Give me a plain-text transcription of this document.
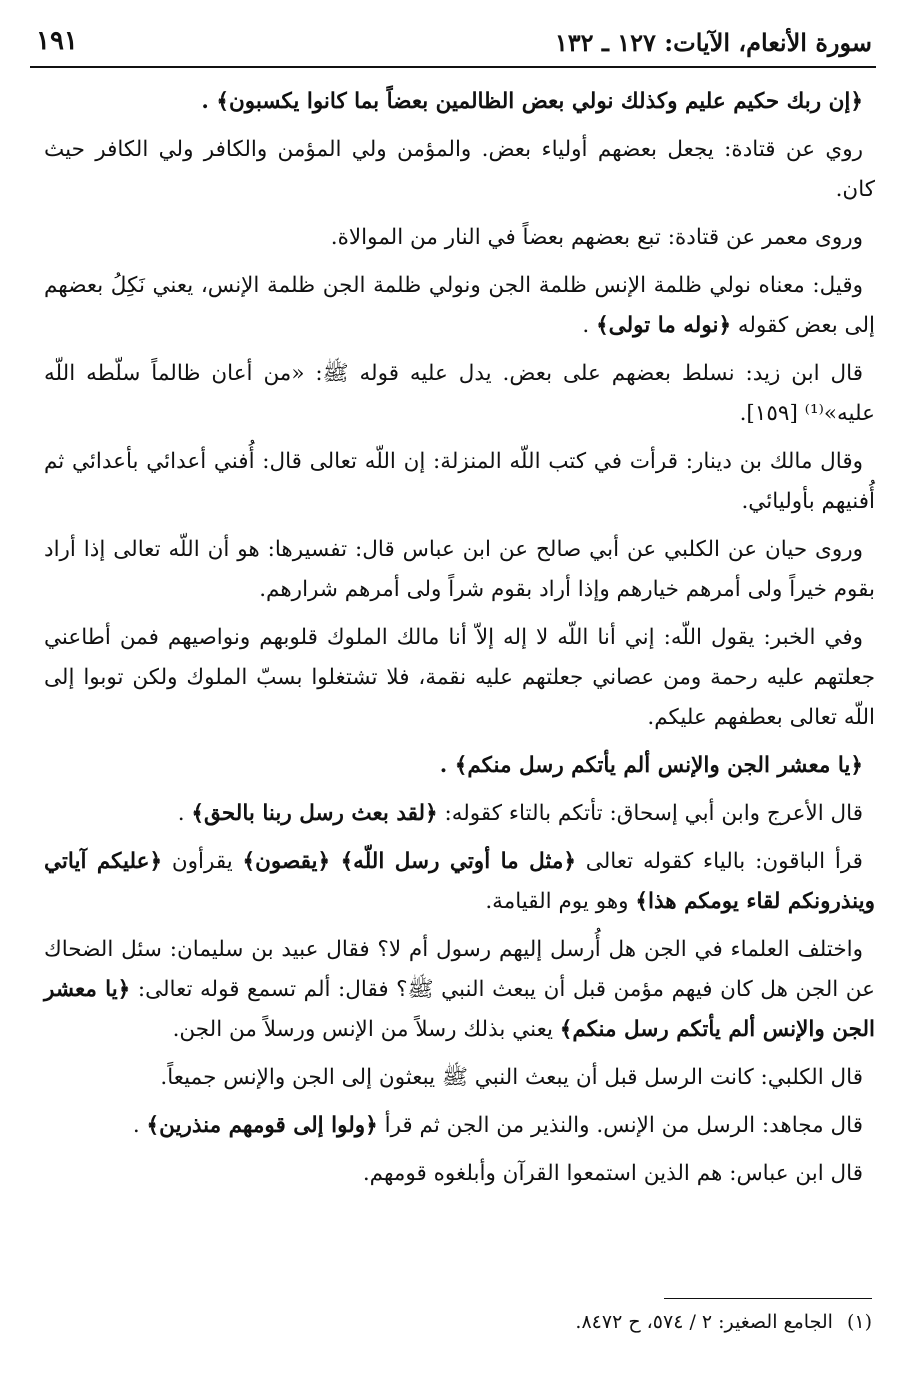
سورة الأنعام، الآيات: ١٢٧ ـ ١٣٢
١٩١

﴿إن ربك حكيم عليم وكذلك نولي بعض الظالمين بعضاً بما كانوا يكسبون﴾ .

روي عن قتادة: يجعل بعضهم أولياء بعض. والمؤمن ولي المؤمن والكافر ولي الكافر حيث كان.

وروى معمر عن قتادة: تبع بعضهم بعضاً في النار من الموالاة.

وقيل: معناه نولي ظلمة الإنس ظلمة الجن ونولي ظلمة الجن ظلمة الإنس، يعني نَكِلُ بعضهم إلى بعض كقوله ﴿نوله ما تولى﴾ .

قال ابن زيد: نسلط بعضهم على بعض. يدل عليه قوله ﷺ: «من أعان ظالماً سلّطه اللّه عليه»⁽¹⁾ [١٥٩].

وقال مالك بن دينار: قرأت في كتب اللّه المنزلة: إن اللّه تعالى قال: أُفني أعدائي بأعدائي ثم أُفنيهم بأوليائي.

وروى حيان عن الكلبي عن أبي صالح عن ابن عباس قال: تفسيرها: هو أن اللّه تعالى إذا أراد بقوم خيراً ولى أمرهم خيارهم وإذا أراد بقوم شراً ولى أمرهم شرارهم.

وفي الخبر: يقول اللّه: إني أنا اللّه لا إله إلاّ أنا مالك الملوك قلوبهم ونواصيهم فمن أطاعني جعلتهم عليه رحمة ومن عصاني جعلتهم عليه نقمة، فلا تشتغلوا بسبّ الملوك ولكن توبوا إلى اللّه تعالى بعطفهم عليكم.

﴿يا معشر الجن والإنس ألم يأتكم رسل منكم﴾ .

قال الأعرج وابن أبي إسحاق: تأتكم بالتاء كقوله: ﴿لقد بعث رسل ربنا بالحق﴾ .

قرأ الباقون: بالياء كقوله تعالى ﴿مثل ما أوتي رسل اللّه﴾ ﴿يقصون﴾ يقرأون ﴿عليكم آياتي وينذرونكم لقاء يومكم هذا﴾ وهو يوم القيامة.

واختلف العلماء في الجن هل أُرسل إليهم رسول أم لا؟ فقال عبيد بن سليمان: سئل الضحاك عن الجن هل كان فيهم مؤمن قبل أن يبعث النبي ﷺ؟ فقال: ألم تسمع قوله تعالى: ﴿يا معشر الجن والإنس ألم يأتكم رسل منكم﴾ يعني بذلك رسلاً من الإنس ورسلاً من الجن.

قال الكلبي: كانت الرسل قبل أن يبعث النبي ﷺ يبعثون إلى الجن والإنس جميعاً.

قال مجاهد: الرسل من الإنس. والنذير من الجن ثم قرأ ﴿ولوا إلى قومهم منذرين﴾ .

قال ابن عباس: هم الذين استمعوا القرآن وأبلغوه قومهم.

(١)الجامع الصغير: ٢ / ٥٧٤، ح ٨٤٧٢.
